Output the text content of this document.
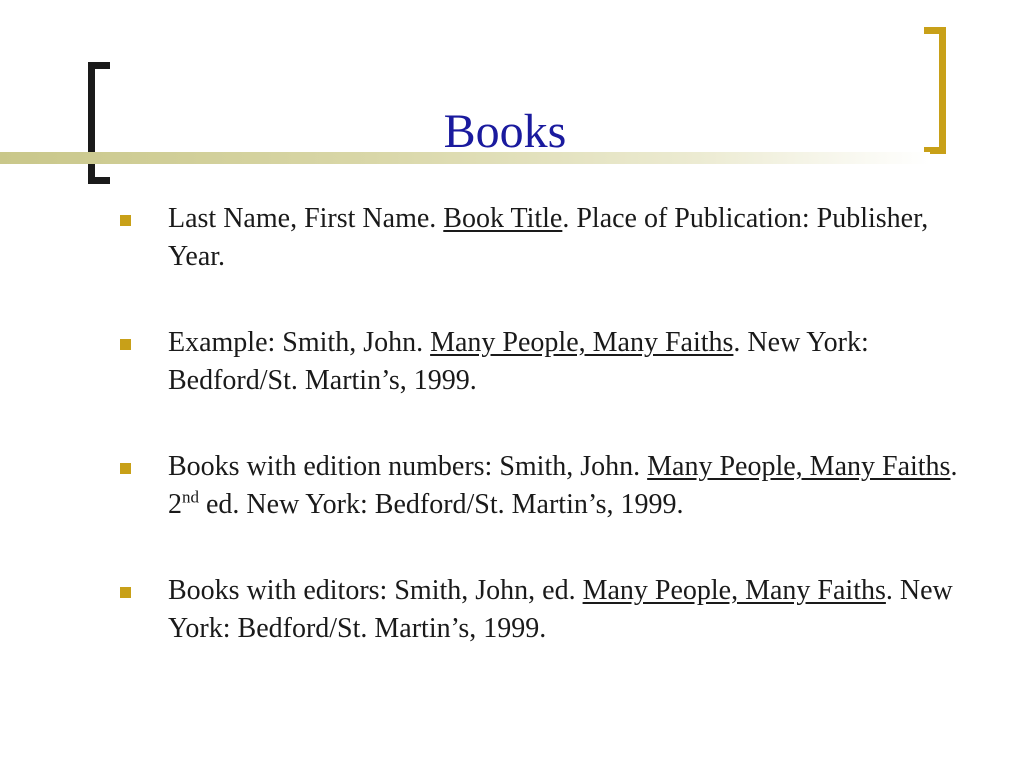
Books
Last Name, First Name. Book Title. Place of Publication: Publisher, Year.
Example: Smith, John. Many People, Many Faiths. New York: Bedford/St. Martin’s, 1999.
Books with edition numbers: Smith, John. Many People, Many Faiths. 2nd ed. New York: Bedford/St. Martin’s, 1999.
Books with editors: Smith, John, ed. Many People, Many Faiths. New York: Bedford/St. Martin’s, 1999.
